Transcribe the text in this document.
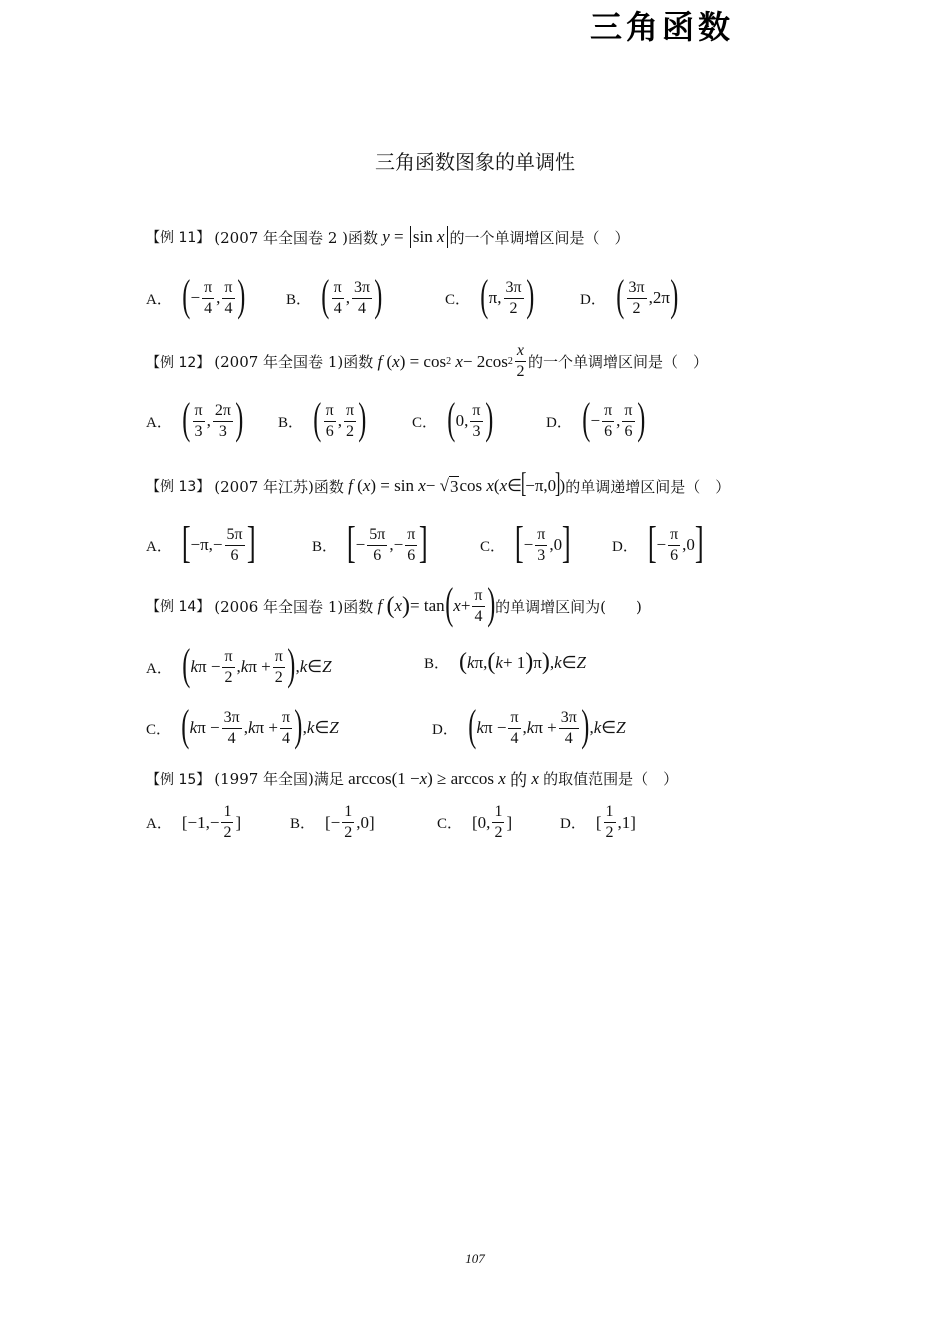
三角函数
三角函数图象的单调性
【例 11】 (2007 年全国卷 2 )函数
y =
sin x 的一个单调增区间是（　）
A． ( − $\frac{\pi}{4}$ , $\frac{\pi}{4}$ )	B． ( $\frac{\pi}{4}$ , $\frac{3\pi}{4}$ )	C． ( π, $\frac{3\pi}{2}$ )	D． ( $\frac{3\pi}{2} ,2\pi$ )
【例 12】 (2007 年全国卷 1)函数
f ( x ) = cos 2
x − 2cos $2 \frac{x}{2}$ 的一个单调增区间是（　）
A． ( $\frac{\pi}{3}$ , $\frac{2\pi}{3}$ ) B． ( $\frac{\pi}{6}$ , $\frac{\pi}{2}$ )	C． ( 0, $\frac{\pi}{3}$ )	D． ( − $\frac{\pi}{6}$ , $\frac{\pi}{6}$ )
【例 13】 (2007 年江苏)函数
f ( x ) = sin x − √ 3 cos x ( x ∈
[
−π,0
]
) 的单调递增区间是（　）
A． [ $-\pi,- \frac{5\pi}{6}$ ]	B． [ − $\frac{5\pi}{6}$ ,− $\frac{\pi}{6}$ ]	C． [ − $\frac{\pi}{3} ,0$ ]	D． [ − $\frac{\pi}{6} ,0$ ]
【例 14】 (2006 年全国卷 1)函数
f
( x ) = tan ( $x + \frac{\pi}{4}$ ) 的单调增区间为(　　)
A． ( k $\pi - \frac{\pi}{2}$ , k $\pi + \frac{\pi}{2}$ ) , k ∈ Z	B． ( k π, ( k + 1 ) π ) , k ∈ Z
C． ( k $\pi - \frac{3\pi}{4}$ , k $\pi + \frac{\pi}{4}$ ) , k ∈ Z	D． ( k $\pi - \frac{\pi}{4}$ , k $\pi + \frac{3\pi}{4}$ ) , k ∈ Z
【例 15】 (1997 年全国)满足 arccos(1 − x ) ≥ arccos x 的 x
的取值范围是（　）
A． [$-1,- \frac{1}{2}$ ]	B． [− $\frac{1}{2} ,0$]	C． [0, $\frac{1}{2}$ ]	D． [ $\frac{1}{2} ,1$]
107
